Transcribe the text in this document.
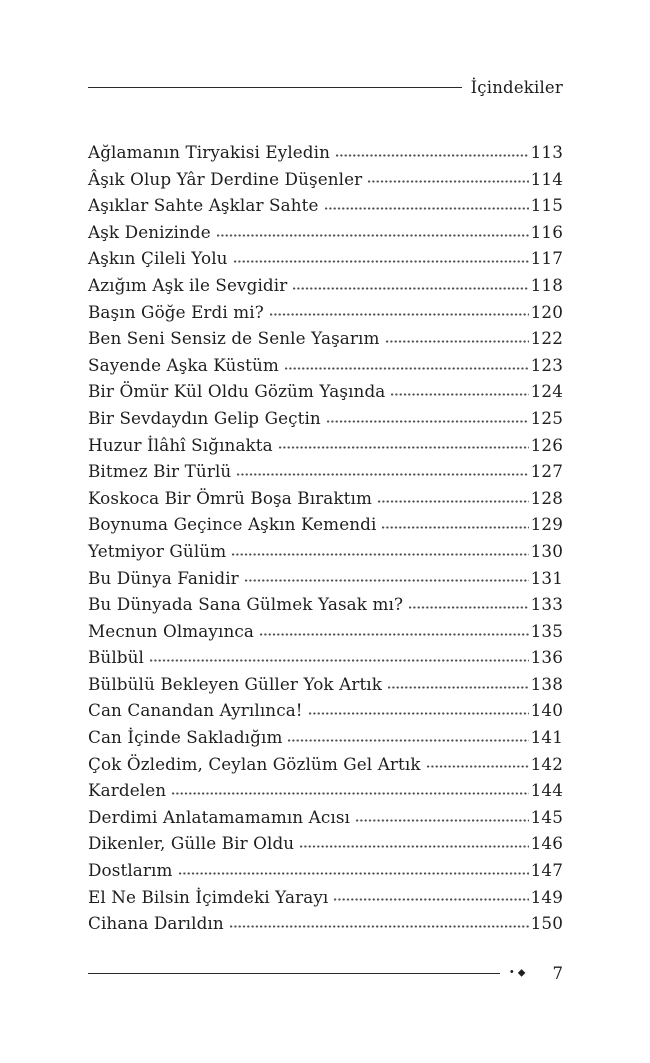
İçindekiler
Ağlamanın Tiryakisi Eyledin	113
Âşık Olup Yâr Derdine Düşenler	114
Aşıklar Sahte Aşklar Sahte	115
Aşk Denizinde	116
Aşkın Çileli Yolu	117
Azığım Aşk ile Sevgidir	118
Başın Göğe Erdi mi?	120
Ben Seni Sensiz de Senle Yaşarım	122
Sayende Aşka Küstüm	123
Bir Ömür Kül Oldu Gözüm Yaşında	124
Bir Sevdaydın Gelip Geçtin	125
Huzur İlâhî Sığınakta	126
Bitmez Bir Türlü	127
Koskoca Bir Ömrü Boşa Bıraktım	128
Boynuma Geçince Aşkın Kemendi	129
Yetmiyor Gülüm	130
Bu Dünya Fanidir	131
Bu Dünyada Sana Gülmek Yasak mı?	133
Mecnun Olmayınca	135
Bülbül	136
Bülbülü Bekleyen Güller Yok Artık	138
Can Canandan Ayrılınca!	140
Can İçinde Sakladığım	141
Çok Özledim, Ceylan Gözlüm Gel Artık	142
Kardelen	144
Derdimi Anlatamamamın Acısı	145
Dikenler, Gülle Bir Oldu	146
Dostlarım	147
El Ne Bilsin İçimdeki Yarayı	149
Cihana Darıldın	150
•◆ 7
